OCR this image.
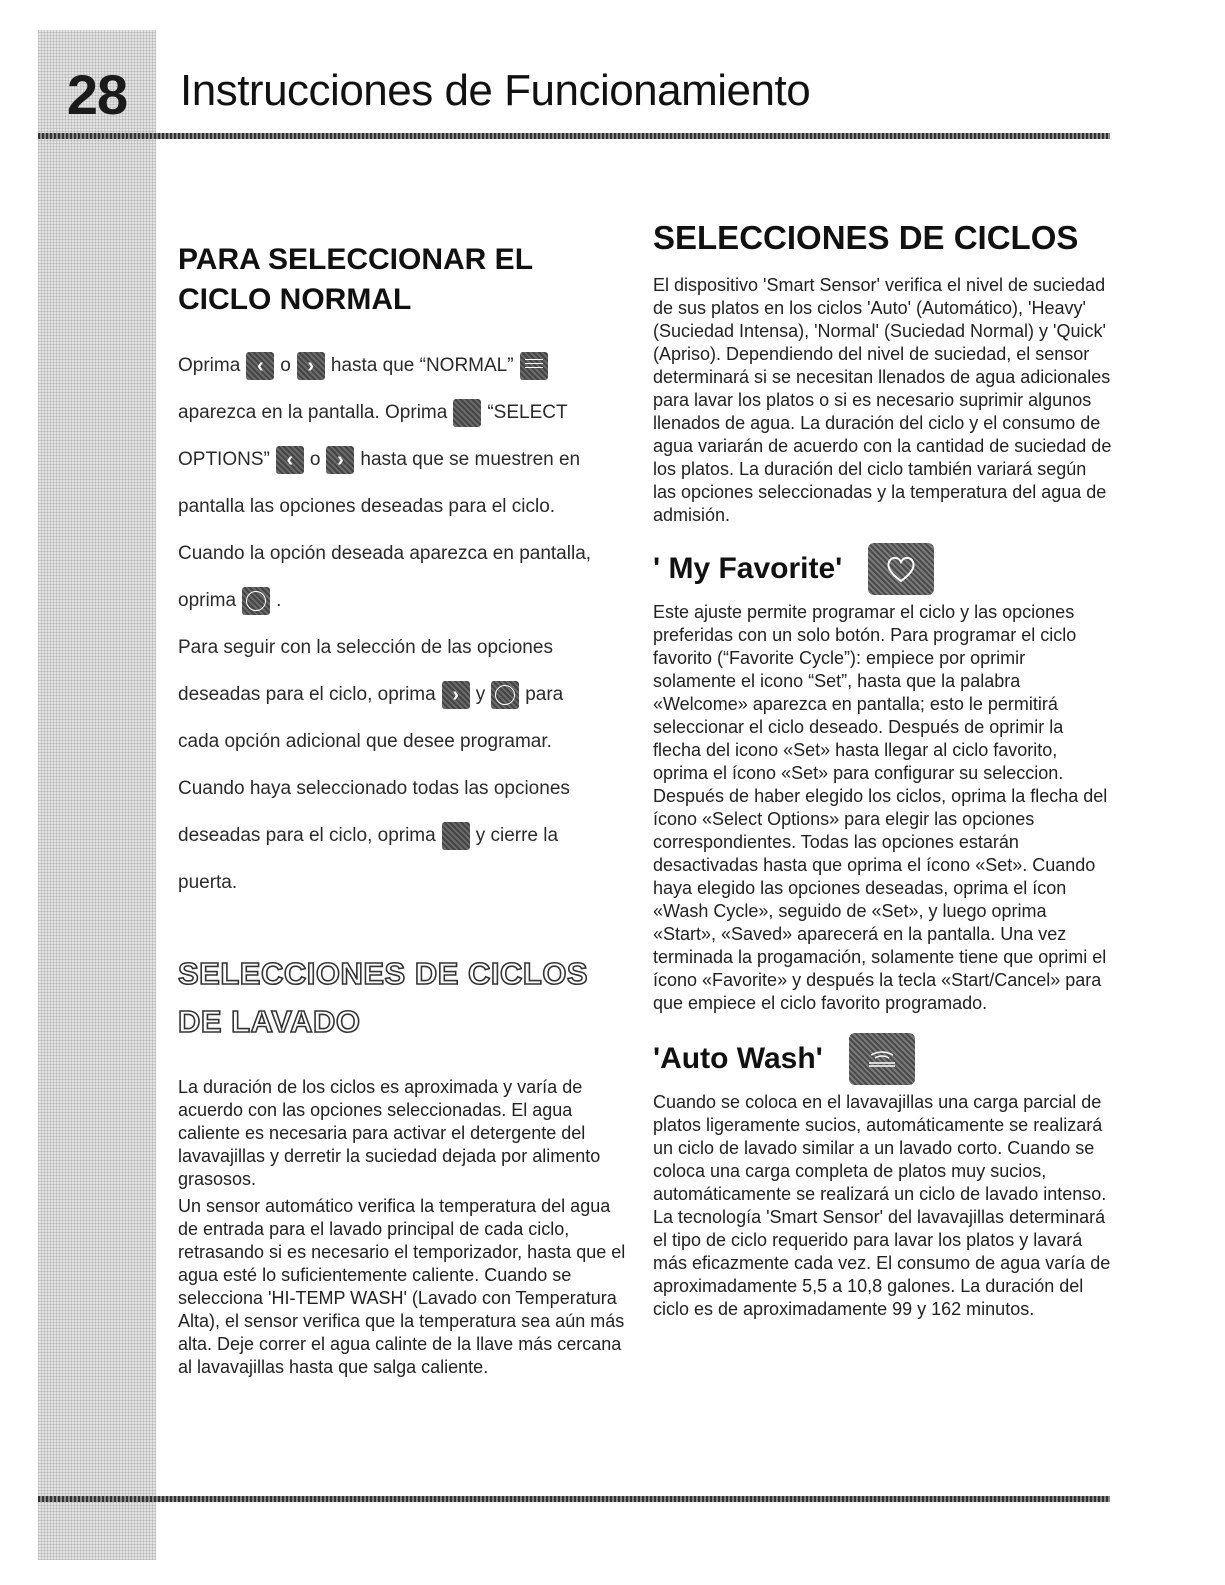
28	Instrucciones de Funcionamiento
PARA SELECCIONAR EL CICLO NORMAL

Oprima ‹ o › hasta que “NORMAL”

aparezca en la pantalla. Oprima “SELECT

OPTIONS” ‹ o › hasta que se muestren en

pantalla las opciones deseadas para el ciclo.

Cuando la opción deseada aparezca en pantalla,

oprima .

Para seguir con la selección de las opciones

deseadas para el ciclo, oprima › y para

cada opción adicional que desee programar.

Cuando haya seleccionado todas las opciones

deseadas para el ciclo, oprima y cierre la

puerta.

SELECCIONES DE CICLOS DE LAVADO

La duración de los ciclos es aproximada y varía de acuerdo con las opciones seleccionadas. El agua caliente es necesaria para activar el detergente del lavavajillas y derretir la suciedad dejada por alimento grasosos.

Un sensor automático verifica la temperatura del agua de entrada para el lavado principal de cada ciclo, retrasando si es necesario el temporizador, hasta que el agua esté lo suficientemente caliente. Cuando se selecciona 'HI-TEMP WASH' (Lavado con Temperatura Alta), el sensor verifica que la temperatura sea aún más alta. Deje correr el agua calinte de la llave más cercana al lavavajillas hasta que salga caliente.

SELECCIONES DE CICLOS

El dispositivo 'Smart Sensor' verifica el nivel de suciedad de sus platos en los ciclos 'Auto' (Automático), 'Heavy' (Suciedad Intensa), 'Normal' (Suciedad Normal) y 'Quick' (Apriso). Dependiendo del nivel de suciedad, el sensor determinará si se necesitan llenados de agua adicionales para lavar los platos o si es necesario suprimir algunos llenados de agua. La duración del ciclo y el consumo de agua variarán de acuerdo con la cantidad de suciedad de los platos. La duración del ciclo también variará según las opciones seleccionadas y la temperatura del agua de admisión.

' My Favorite'

Este ajuste permite programar el ciclo y las opciones preferidas con un solo botón. Para programar el ciclo favorito (“Favorite Cycle”): empiece por oprimir solamente el icono “Set”, hasta que la palabra «Welcome» aparezca en pantalla; esto le permitirá seleccionar el ciclo deseado. Después de oprimir la flecha del icono «Set» hasta llegar al ciclo favorito, oprima el ícono «Set» para configurar su seleccion. Después de haber elegido los ciclos, oprima la flecha del ícono «Select Options» para elegir las opciones correspondientes. Todas las opciones estarán desactivadas hasta que oprima el ícono «Set». Cuando haya elegido las opciones deseadas, oprima el ícon «Wash Cycle», seguido de «Set», y luego oprima «Start», «Saved» aparecerá en la pantalla. Una vez terminada la progamación, solamente tiene que oprimi el ícono «Favorite» y después la tecla «Start/Cancel» para que empiece el ciclo favorito programado.

'Auto Wash'

Cuando se coloca en el lavavajillas una carga parcial de platos ligeramente sucios, automáticamente se realizará un ciclo de lavado similar a un lavado corto. Cuando se coloca una carga completa de platos muy sucios, automáticamente se realizará un ciclo de lavado intenso. La tecnología 'Smart Sensor' del lavavajillas determinará el tipo de ciclo requerido para lavar los platos y lavará más eficazmente cada vez. El consumo de agua varía de aproximadamente 5,5 a 10,8 galones. La duración del ciclo es de aproximadamente 99 y 162 minutos.
